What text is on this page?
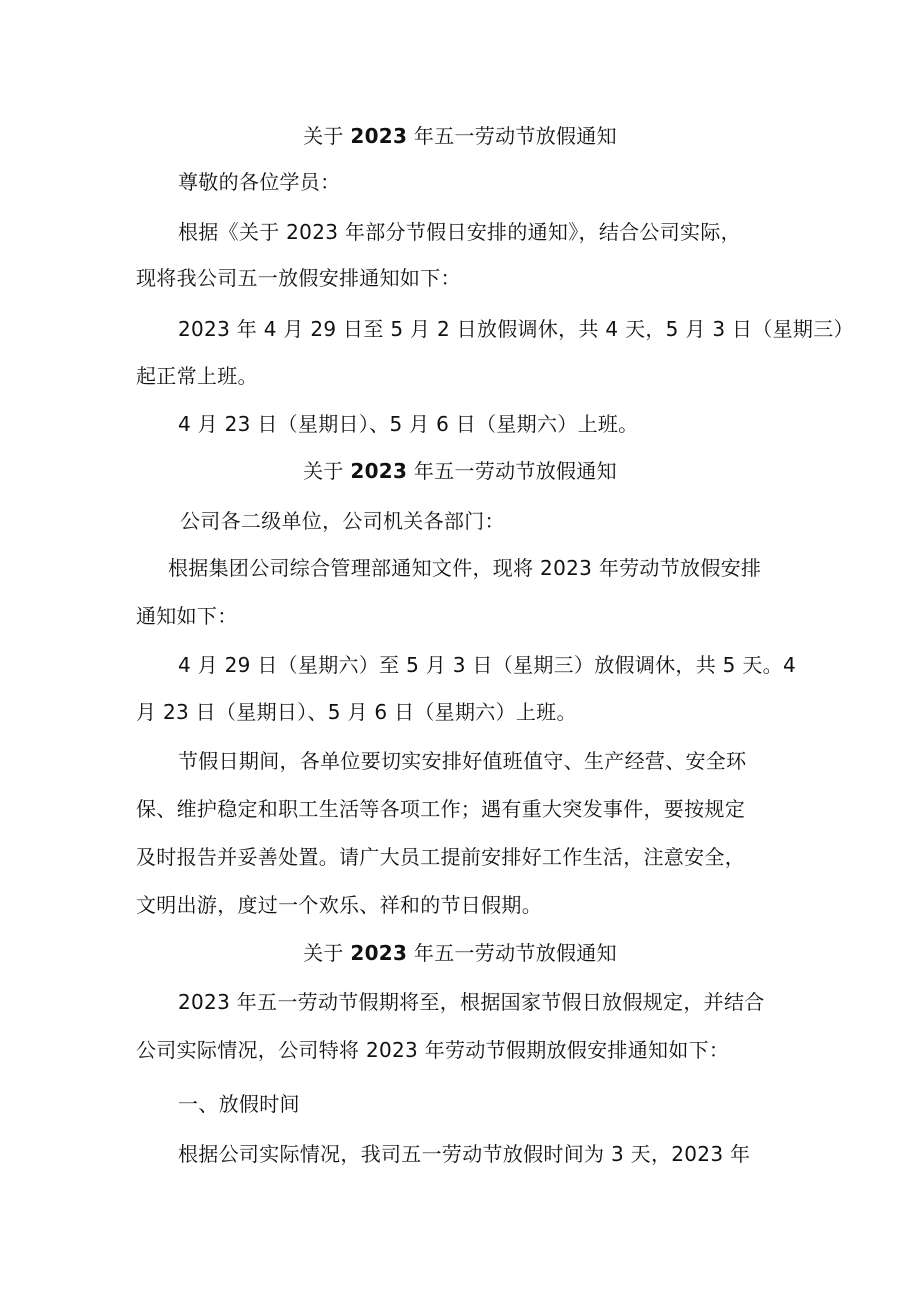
关于 2023 年五一劳动节放假通知
尊敬的各位学员：
根据《关于 2023 年部分节假日安排的通知》，结合公司实际，
现将我公司五一放假安排通知如下：
2023 年 4 月 29 日至 5 月 2 日放假调休，共 4 天，5 月 3 日（星期三）
起正常上班。
4 月 23 日（星期日）、5 月 6 日（星期六）上班。
关于 2023 年五一劳动节放假通知
公司各二级单位，公司机关各部门：
根据集团公司综合管理部通知文件，现将 2023 年劳动节放假安排
通知如下：
4 月 29 日（星期六）至 5 月 3 日（星期三）放假调休，共 5 天。4
月 23 日（星期日）、5 月 6 日（星期六）上班。
节假日期间，各单位要切实安排好值班值守、生产经营、安全环
保、维护稳定和职工生活等各项工作；遇有重大突发事件，要按规定
及时报告并妥善处置。请广大员工提前安排好工作生活，注意安全，
文明出游，度过一个欢乐、祥和的节日假期。
关于 2023 年五一劳动节放假通知
2023 年五一劳动节假期将至，根据国家节假日放假规定，并结合
公司实际情况，公司特将 2023 年劳动节假期放假安排通知如下：
一、放假时间
根据公司实际情况，我司五一劳动节放假时间为 3 天，2023 年
